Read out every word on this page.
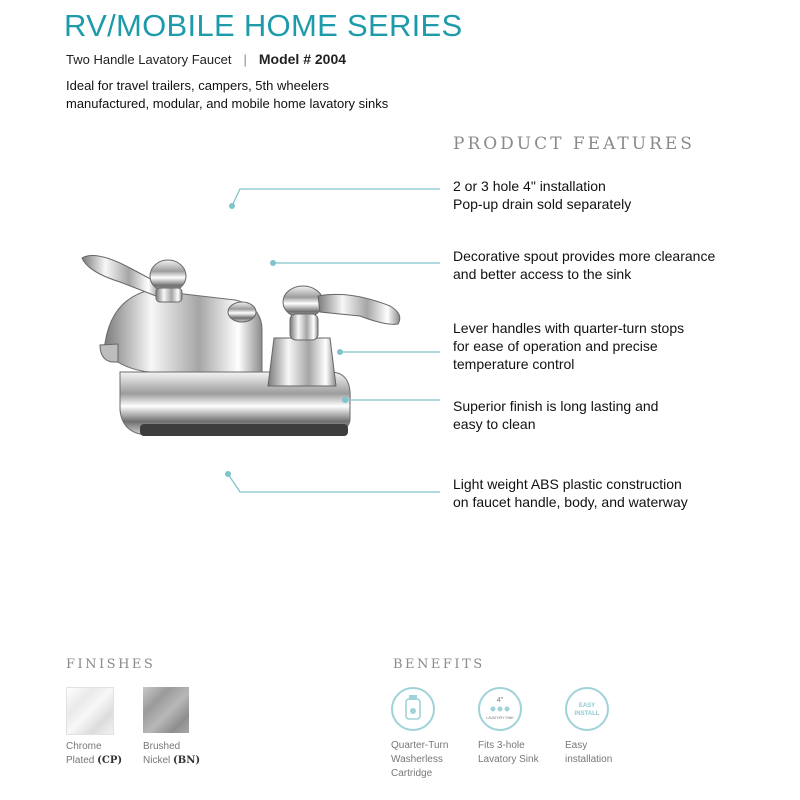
RV/MOBILE HOME SERIES
Two Handle Lavatory Faucet | Model # 2004
Ideal for travel trailers, campers, 5th wheelers
manufactured, modular, and mobile home lavatory sinks
PRODUCT FEATURES
2 or 3 hole 4" installation
Pop-up drain sold separately
Decorative spout provides more clearance
and better access to the sink
Lever handles with quarter-turn stops
for ease of operation and precise
temperature control
Superior finish is long lasting and
easy to clean
Light weight ABS plastic construction
on faucet handle, body, and waterway
FINISHES
Chrome
Plated (CP)
Brushed
Nickel (BN)
BENEFITS
4"
LAVATORY SINK
EASY
INSTALL
Quarter-Turn
Washerless
Cartridge
Fits 3-hole
Lavatory Sink
Easy
installation
